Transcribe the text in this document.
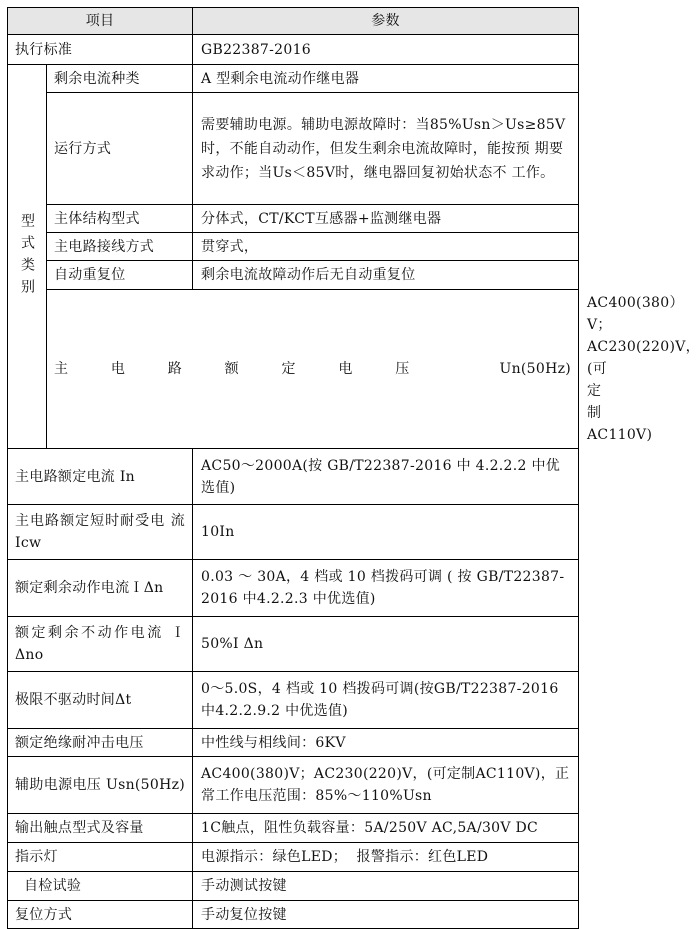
项目		参数	
执行标准		GB22387-2016	
型式类别	剩余电流种类	A 型剩余电流动作继电器	
	运行方式	需要辅助电源。辅助电源故障时：当85%Usn＞Us≥85V时，不能自动动作，但发生剩余电流故障时，能按预 期要求动作；当Us＜85V时，继电器回复初始状态不 工作。	
	主体结构型式	分体式，CT/KCT互感器+监测继电器	
	主电路接线方式	贯穿式，	
	自动重复位	剩余电流故障动作后无自动重复位	
	主电路额定电压 Un(50Hz)		AC400(380）V； AC230(220)V，(可定制AC110V)
主电路额定电流 In		AC50～2000A(按 GB/T22387-2016 中 4.2.2.2 中优选值)	
主电路额定短时耐受电 流 Icw		10In	
额定剩余动作电流ＩΔn		0.03 ～ 30A，4 档或 10 档拨码可调 ( 按 GB/T22387-2016 中4.2.2.3 中优选值)	
额定剩余不动作电流 Ｉ Δno		50%I Δn	
极限不驱动时间Δt		0～5.0S，4 档或 10 档拨码可调(按GB/T22387-2016 中4.2.2.9.2 中优选值)	
额定绝缘耐冲击电压		中性线与相线间：6KV	
辅助电源电压 Usn(50Hz)		AC400(380)V；AC230(220)V，(可定制AC110V)，正 常工作电压范围：85%～110%Usn	
输出触点型式及容量		1C触点，阻性负载容量：5A/250V AC,5A/30V DC	
指示灯		电源指示：绿色LED；  报警指示：红色LED	
自检试验		手动测试按键	
复位方式		手动复位按键	
